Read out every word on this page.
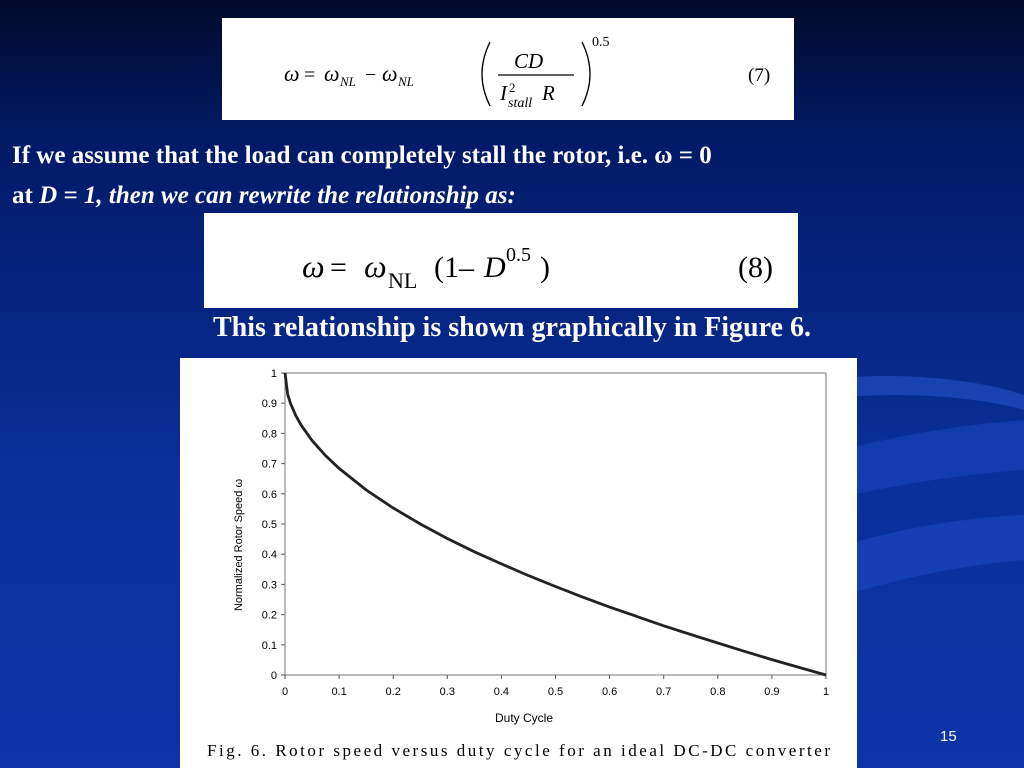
ω = ω NL − ω NL
CD
I 2
stall R
0.5
(7)
If we assume that the load can completely stall the rotor, i.e. ω = 0
at D = 1, then we can rewrite the relationship as:
ω = ω NL (1– D 0.5 )	(8)
This relationship is shown graphically in Figure 6.
0
0.1
0.2
0.3
0.4
0.5
0.6
0.7
0.8
0.9
1
0	0.1	0.2	0.3	0.4	0.5	0.6	0.7	0.8	0.9	1
Duty Cycle
Normalized Rotor Speed ω
Fig. 6. Rotor speed versus duty cycle for an ideal DC-DC converter
15
